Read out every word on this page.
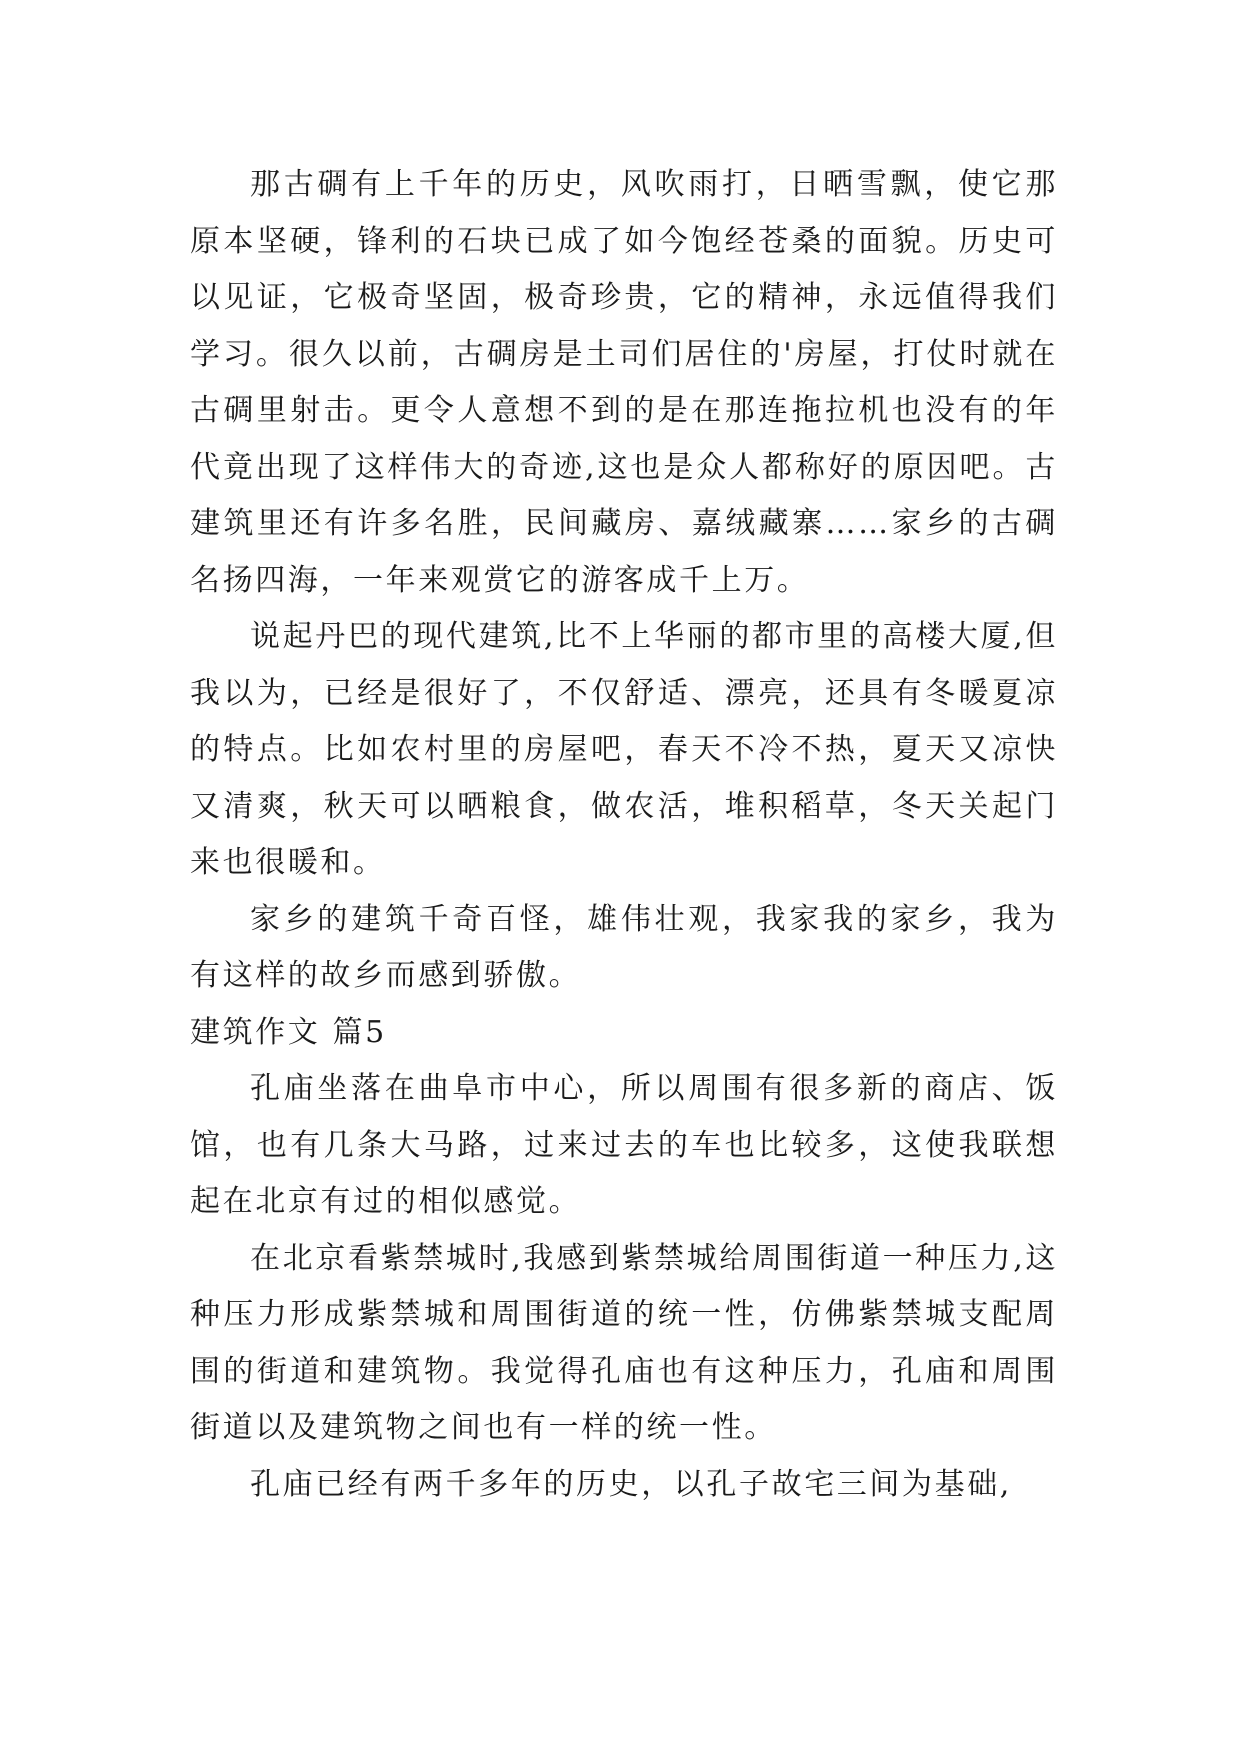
那古碉有上千年的历史，风吹雨打，日晒雪飘，使它那原本坚硬，锋利的石块已成了如今饱经苍桑的面貌。历史可以见证，它极奇坚固，极奇珍贵，它的精神，永远值得我们学习。很久以前，古碉房是土司们居住的'房屋，打仗时就在古碉里射击。更令人意想不到的是在那连拖拉机也没有的年代竟出现了这样伟大的奇迹,这也是众人都称好的原因吧。古建筑里还有许多名胜，民间藏房、嘉绒藏寨……家乡的古碉名扬四海，一年来观赏它的游客成千上万。

说起丹巴的现代建筑,比不上华丽的都市里的高楼大厦,但我以为，已经是很好了，不仅舒适、漂亮，还具有冬暖夏凉的特点。比如农村里的房屋吧，春天不冷不热，夏天又凉快又清爽，秋天可以晒粮食，做农活，堆积稻草，冬天关起门来也很暖和。

家乡的建筑千奇百怪，雄伟壮观，我家我的家乡，我为有这样的故乡而感到骄傲。

建筑作文 篇5

孔庙坐落在曲阜市中心，所以周围有很多新的商店、饭馆，也有几条大马路，过来过去的车也比较多，这使我联想起在北京有过的相似感觉。

在北京看紫禁城时,我感到紫禁城给周围街道一种压力,这种压力形成紫禁城和周围街道的统一性，仿佛紫禁城支配周围的街道和建筑物。我觉得孔庙也有这种压力，孔庙和周围街道以及建筑物之间也有一样的统一性。

孔庙已经有两千多年的历史，以孔子故宅三间为基础,
